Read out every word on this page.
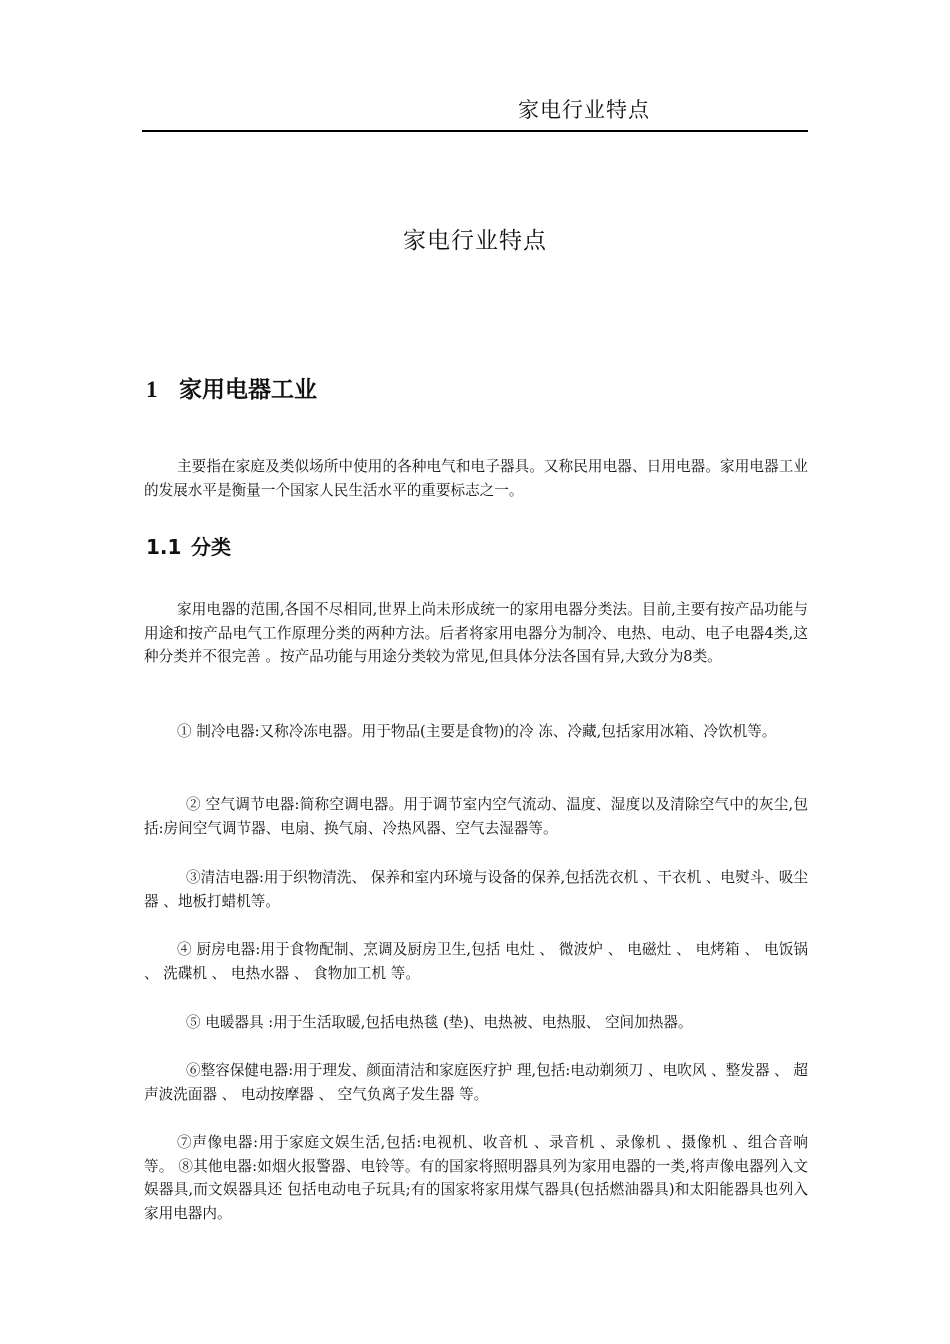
家电行业特点
家电行业特点
1 家用电器工业

主要指在家庭及类似场所中使用的各种电气和电子器具。又称民用电器、日用电器。家用电器工业 的发展水平是衡量一个国家人民生活水平的重要标志之一。

1.1 分类

家用电器的范围,各国不尽相同,世界上尚未形成统一的家用电器分类法。目前,主要有按产品功能与用途和按产品电气工作原理分类的两种方法。后者将家用电器分为制冷、电热、电动、电子电器4类,这种分类并不很完善 。按产品功能与用途分类较为常见,但具体分法各国有异,大致分为8类。

① 制冷电器:又称冷冻电器。用于物品(主要是食物)的冷 冻、冷藏,包括家用冰箱、冷饮机等。

② 空气调节电器:简称空调电器。用于调节室内空气流动、温度、湿度以及清除空气中的灰尘,包括:房间空气调节器、电扇、换气扇、冷热风器、空气去湿器等。

③清洁电器:用于织物清洗、 保养和室内环境与设备的保养,包括洗衣机 、干衣机 、电熨斗、吸尘器 、地板打蜡机等。

④ 厨房电器:用于食物配制、烹调及厨房卫生,包括 电灶 、 微波炉 、 电磁灶 、 电烤箱 、 电饭锅 、 洗碟机 、 电热水器 、 食物加工机 等。

⑤ 电暖器具 :用于生活取暖,包括电热毯 (垫)、电热被、电热服、 空间加热器。

⑥整容保健电器:用于理发、颜面清洁和家庭医疗护 理,包括:电动剃须刀 、电吹风 、整发器 、 超声波洗面器 、 电动按摩器 、 空气负离子发生器 等。

⑦声像电器:用于家庭文娱生活,包括:电视机、收音机 、录音机 、录像机 、摄像机 、组合音响等。 ⑧其他电器:如烟火报警器、电铃等。有的国家将照明器具列为家用电器的一类,将声像电器列入文娱器具,而文娱器具还 包括电动电子玩具;有的国家将家用煤气器具(包括燃油器具)和太阳能器具也列入家用电器内。
